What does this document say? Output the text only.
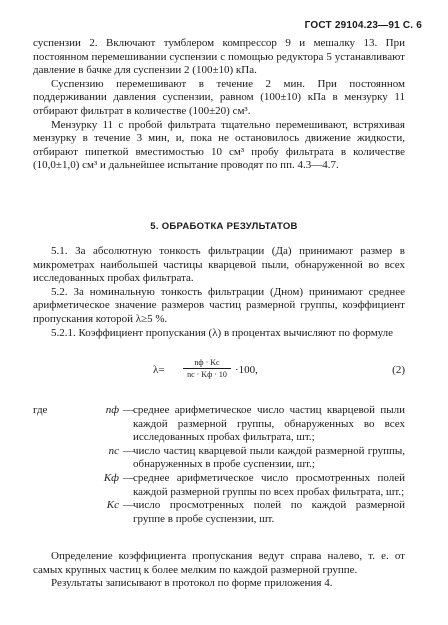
ГОСТ 29104.23—91 С. 6

суспензии 2. Включают тумблером компрессор 9 и мешалку 13. При постоянном перемешивании суспензии с помощью редуктора 5 устанавливают давление в бачке для суспензии 2 (100±10) кПа.

Суспензию перемешивают в течение 2 мин. При постоянном поддерживании давления суспензии, равном (100±10) кПа в мензурку 11 отбирают фильтрат в количестве (100±20) см³.

Мензурку 11 с пробой фильтрата тщательно перемешивают, встряхивая мензурку в течение 3 мин, и, пока не остановилось движение жидкости, отбирают пипеткой вместимостью 10 см³ пробу фильтрата в количестве (10,0±1,0) см³ и дальнейшее испытание проводят по пп. 4.3—4.7.

5. ОБРАБОТКА РЕЗУЛЬТАТОВ

5.1. За абсолютную тонкость фильтрации (Да) принимают размер в микрометрах наибольшей частицы кварцевой пыли, обнаруженной во всех исследованных пробах фильтрата.

5.2. За номинальную тонкость фильтрации (Дном) принимают среднее арифметическое значение размеров частиц размерной группы, коэффициент пропускания которой λ≥5 %.

5.2.1. Коэффициент пропускания (λ) в процентах вычисляют по формуле

λ=
nф · Kс
nс · Kф · 10 ·100,	(2)
где	nф — среднее арифметическое число частиц кварцевой пыли каждой размерной группы, обнаруженных во всех исследованных пробах фильтрата, шт.;
nс — число частиц кварцевой пыли каждой размерной группы, обнаруженных в пробе суспензии, шт.;
Kф — среднее арифметическое число просмотренных полей каждой размерной группы по всех пробах фильтрата, шт.;
Kс — число просмотренных полей по каждой размерной группе в пробе суспензии, шт.

Определение коэффициента пропускания ведут справа налево, т. е. от самых крупных частиц к более мелким по каждой размерной группе.

Результаты записывают в протокол по форме приложения 4.
